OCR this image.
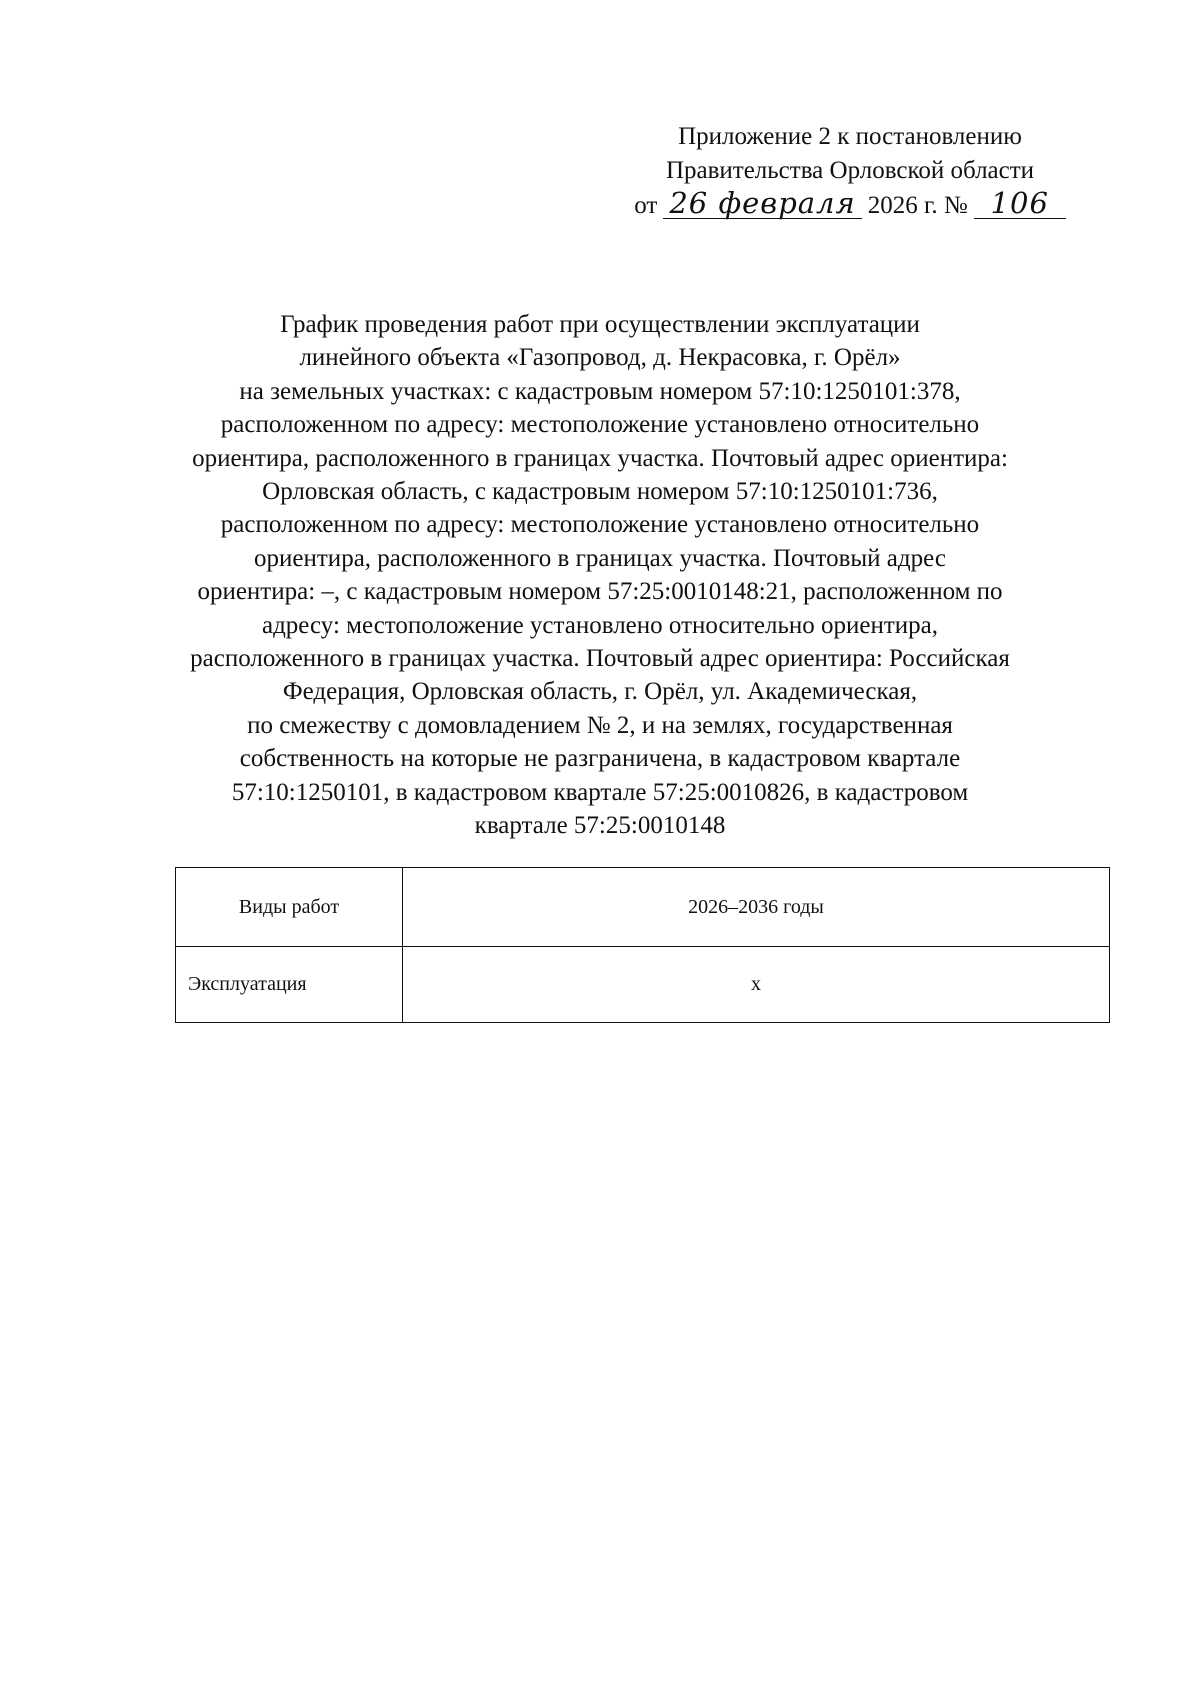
Приложение 2 к постановлению
Правительства Орловской области
от 26 февраля 2026 г. № 106
График проведения работ при осуществлении эксплуатации
линейного объекта «Газопровод, д. Некрасовка, г. Орёл»
на земельных участках: с кадастровым номером 57:10:1250101:378,
расположенном по адресу: местоположение установлено относительно
ориентира, расположенного в границах участка. Почтовый адрес ориентира:
Орловская область, с кадастровым номером 57:10:1250101:736,
расположенном по адресу: местоположение установлено относительно
ориентира, расположенного в границах участка. Почтовый адрес
ориентира: –, с кадастровым номером 57:25:0010148:21, расположенном по
адресу: местоположение установлено относительно ориентира,
расположенного в границах участка. Почтовый адрес ориентира: Российская
Федерация, Орловская область, г. Орёл, ул. Академическая,
по смежеству с домовладением № 2, и на землях, государственная
собственность на которые не разграничена, в кадастровом квартале
57:10:1250101, в кадастровом квартале 57:25:0010826, в кадастровом
квартале 57:25:0010148
Виды работ	2026–2036 годы
Эксплуатация	х
